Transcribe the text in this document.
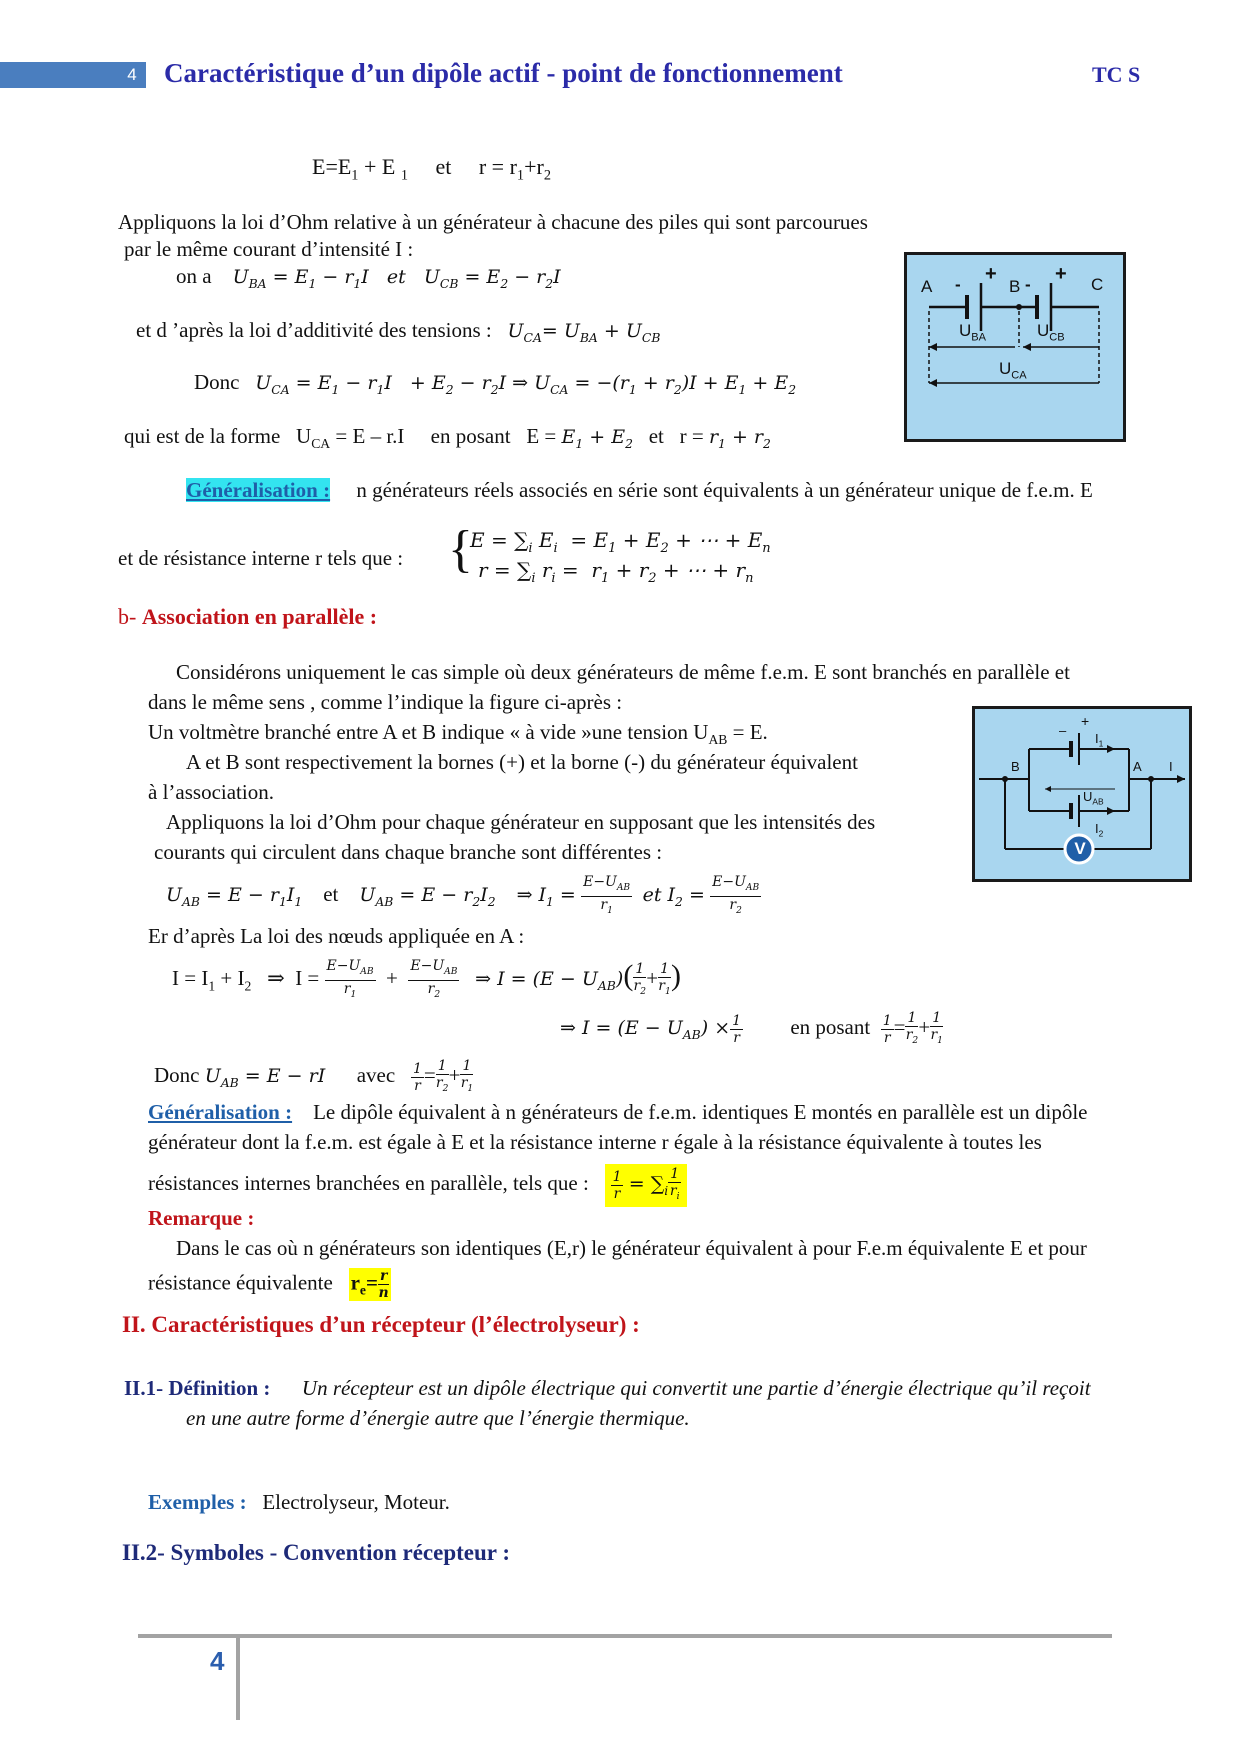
4	Caractéristique d’un dipôle actif - point de fonctionnement	TC S
$E=E_1 + E$ $_1$ et $r = r_1+r_2$
Appliquons la loi d’Ohm relative à un générateur à chacune des piles qui sont parcourues
par le même courant d’intensité I :
on a $U_{BA} = E_1 - r_1I$   et   $U_{CB} = E_2 - r_2I$
et d ’après la loi d’additivité des tensions : $U_{CA}= U_{BA} + U_{CB}$
Donc $U_{CA} = E_1 - r_1I + E_2 - r_2I$ ⇒ $U_{CA} = -(r_1 + r_2)I + E_1 + E_2$
qui est de la forme   $U_{CA} = E - r.I$ en posant   $E = E_1 + E_2$ et   $r = r_1 + r_2$
Généralisation : n générateurs réels associés en série sont équivalents à un générateur unique de f.e.m. E
et de résistance interne r tels que : {
$E = \sum_i$ $E_i = E_1 + E_2$ + ⋯ + $E_n$
$r = \sum_i$ $r_i = r_1 + r_2$ + ⋯ + $r_n$
A	B	C
- + - +
$U_{BA}$	$U_{CB}$
$U_{CA}$
b- Association en parallèle :
Considérons uniquement le cas simple où deux générateurs de même f.e.m. E sont branchés en parallèle et
dans le même sens , comme l’indique la figure ci-après :
Un voltmètre branché entre A et B indique « à vide »une tension $U_{AB} = E$.
A et B sont respectivement la bornes (+) et la borne (-) du générateur équivalent
à l’association.
Appliquons la loi d’Ohm pour chaque générateur en supposant que les intensités des
courants qui circulent dans chaque branche sont différentes :
$U_{AB} = E - r_1I_1$ et $U_{AB} = E - r_2I_2$ ⇒ $I_1 = \frac{E-U_{AB}}{r_1}$ et $I_2 = \frac{E-U_{AB}}{r_2}$
Er d’après La loi des nœuds appliquée en A :
$I = I_1 + I_2$   ⇒  $I = \frac{E-U_{AB}}{r_1} + \frac{E-U_{AB}}{r_2}$ ⇒ $I = (E - U_{AB})( \frac{1}{r_2} + \frac{1}{r_1}$ )
⇒ $I = (E - U_{AB}) \times \frac{1}{r}$ en posant $\frac{1}{r} = \frac{1}{r_2} + \frac{1}{r_1}$
Donc $U_{AB} = E$ − rI avec $\frac{1}{r} = \frac{1}{r_2} + \frac{1}{r_1}$
Généralisation : Le dipôle équivalent à n générateurs de f.e.m. identiques E montés en parallèle est un dipôle
générateur dont la f.e.m. est égale à E et la résistance interne r égale à la résistance équivalente à toutes les
résistances internes branchées en parallèle, tels que : $\frac{1}{r} = \sum_i \frac{1}{r_i}$
Remarque :
Dans le cas où n générateurs son identiques (E,r) le générateur équivalent à pour F.e.m équivalente E et pour
résistance équivalente $r_e= \frac{r}{n}$
B	A I
$I_1$
$I_2$
$U_{AB}$
–
+
V
II. Caractéristiques d’un récepteur (l’électrolyseur) :
II.1- Définition : Un récepteur est un dipôle électrique qui convertit une partie d’énergie électrique qu’il reçoit
en une autre forme d’énergie autre que l’énergie thermique.
Exemples : Electrolyseur, Moteur.
II.2- Symboles - Convention récepteur :
4
